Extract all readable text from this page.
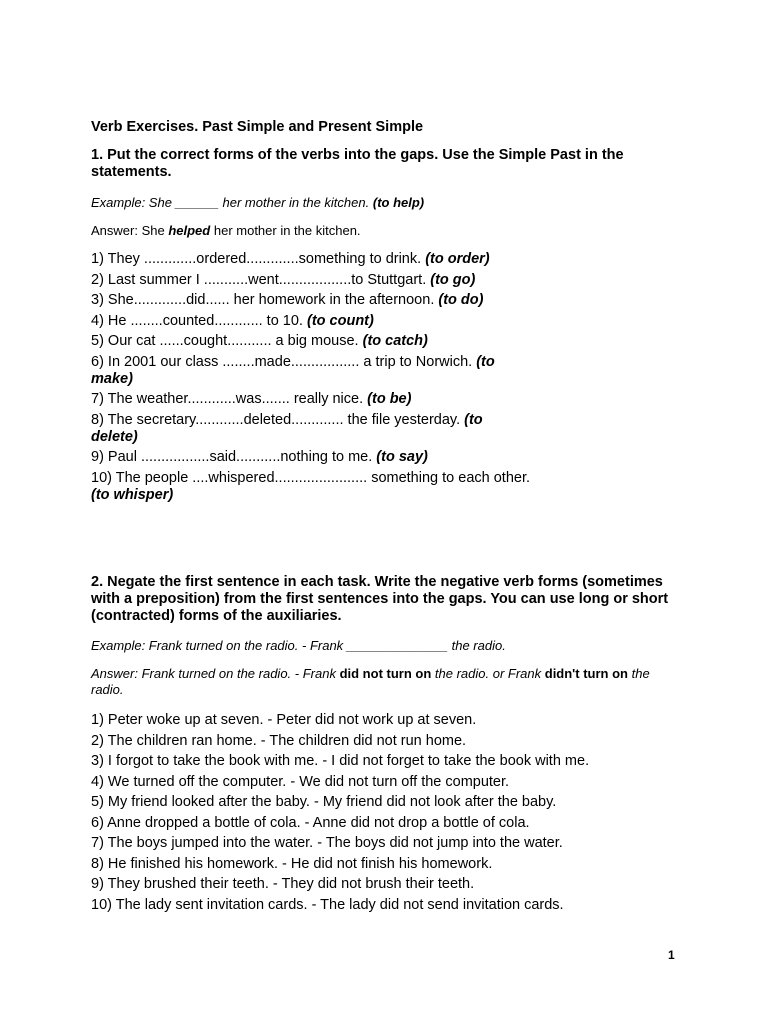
Verb Exercises. Past Simple and Present Simple

1. Put the correct forms of the verbs into the gaps. Use the Simple Past in the statements.

Example: She ______ her mother in the kitchen. (to help)
Answer: She helped her mother in the kitchen.
1) They .............ordered.............something to drink. (to order)
2) Last summer I ...........went..................to Stuttgart. (to go)
3) She.............did...... her homework in the afternoon. (to do)
4) He ........counted............ to 10. (to count)
5) Our cat ......cought........... a big mouse. (to catch)
6) In 2001 our class ........made................. a trip to Norwich. (to make)
7) The weather............was....... really nice. (to be)
8) The secretary............deleted............. the file yesterday. (to delete)
9) Paul .................said...........nothing to me. (to say)
10) The people ....whispered....................... something to each other. (to whisper)

2. Negate the first sentence in each task. Write the negative verb forms (sometimes with a preposition) from the first sentences into the gaps. You can use long or short (contracted) forms of the auxiliaries.

Example: Frank turned on the radio. - Frank ______________ the radio.
Answer: Frank turned on the radio. - Frank did not turn on the radio. or Frank didn't turn on the radio.
1) Peter woke up at seven. - Peter did not work up at seven.
2) The children ran home. - The children did not run home.
3) I forgot to take the book with me. - I did not forget to take the book with me.
4) We turned off the computer. - We did not turn off the computer.
5) My friend looked after the baby. - My friend did not look after the baby.
6) Anne dropped a bottle of cola. - Anne did not drop a bottle of cola.
7) The boys jumped into the water. - The boys did not jump into the water.
8) He finished his homework. - He did not finish his homework.
9) They brushed their teeth. - They did not brush their teeth.
10) The lady sent invitation cards. - The lady did not send invitation cards.
1
